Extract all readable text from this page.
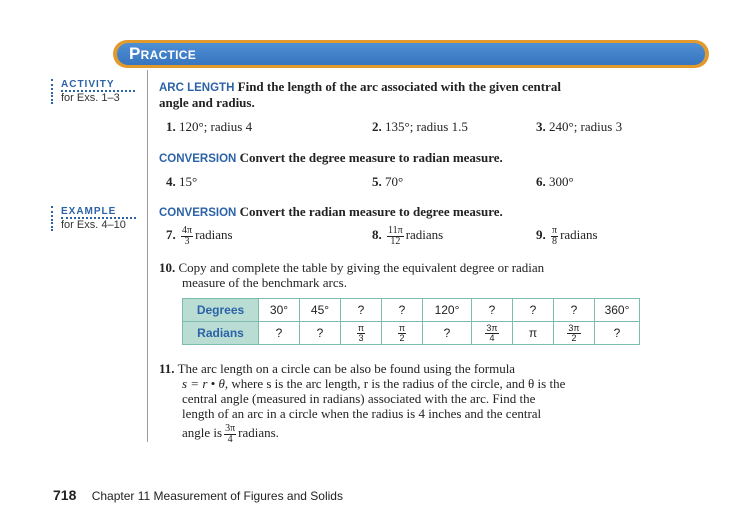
Practice
ACTIVITY
for Exs. 1–3
EXAMPLE
for Exs. 4–10
ARC LENGTH Find the length of the arc associated with the given central
angle and radius.
1. 120°; radius 4	2. 135°; radius 1.5	3. 240°; radius 3
CONVERSION Convert the degree measure to radian measure.
4. 15°	5. 70°	6. 300°
CONVERSION Convert the radian measure to degree measure.
7. $\frac{4\pi}{3}$ radians	8. $\frac{11\pi}{12}$ radians	9. $\frac{\pi}{8}$ radians
10. Copy and complete the table by giving the equivalent degree or radian
measure of the benchmark arcs.
Degrees	30°	45°	?	?	120°	?	?	?	360°
Radians	?	?	$\frac{\pi}{3}$	$\frac{\pi}{2}$	?	$\frac{3\pi}{4}$	π	$\frac{3\pi}{2}$	?
11. The arc length on a circle can be also be found using the formula
s = r • θ, where s is the arc length, r is the radius of the circle, and θ is the
central angle (measured in radians) associated with the arc. Find the
length of an arc in a circle when the radius is 4 inches and the central
angle is $\frac{3\pi}{4}$ radians.
718 Chapter 11 Measurement of Figures and Solids
